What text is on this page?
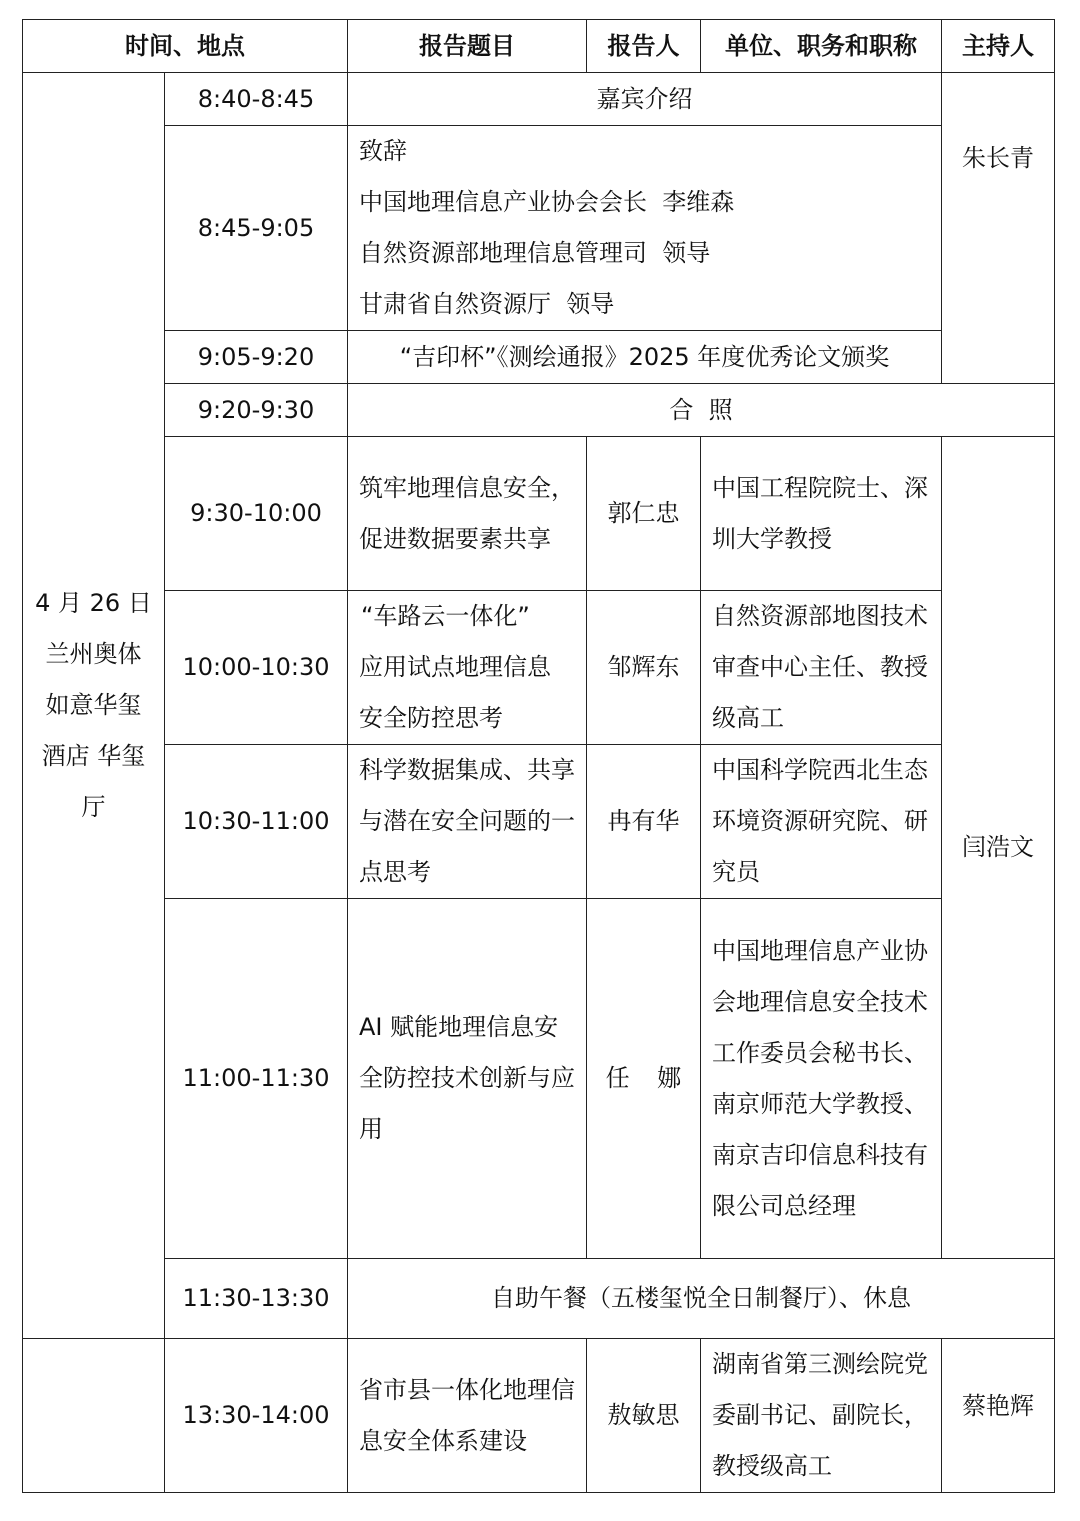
时间、地点		报告题目	报告人	单位、职务和职称	主持人

4 月 26 日
兰州奥体
如意华玺
酒店 华玺
厅	8:40-8:45	嘉宾介绍			朱长青
	8:45-9:05	致辞
中国地理信息产业协会会长  李维森
自然资源部地理信息管理司  领导
甘肃省自然资源厅  领导			

	9:05-9:20	“吉印杯”《测绘通报》2025 年度优秀论文颁奖			
	9:20-9:30	合  照			
	9:30-10:00	筑牢地理信息安全，促进数据要素共享	郭仁忠	中国工程院院士、深圳大学教授	闫浩文
	10:00-10:30	“车路云一体化”
应用试点地理信息
安全防控思考	邹辉东	自然资源部地图技术审查中心主任、教授级高工	
	10:30-11:00	科学数据集成、共享与潜在安全问题的一点思考	冉有华	中国科学院西北生态环境资源研究院、研究员	
	11:00-11:30	AI 赋能地理信息安全防控技术创新与应用	任 娜	中国地理信息产业协会地理信息安全技术工作委员会秘书长、南京师范大学教授、南京吉印信息科技有限公司总经理	
	11:30-13:30	自助午餐（五楼玺悦全日制餐厅）、休息			
	13:30-14:00	省市县一体化地理信息安全体系建设	敖敏思	湖南省第三测绘院党委副书记、副院长，教授级高工	蔡艳辉
